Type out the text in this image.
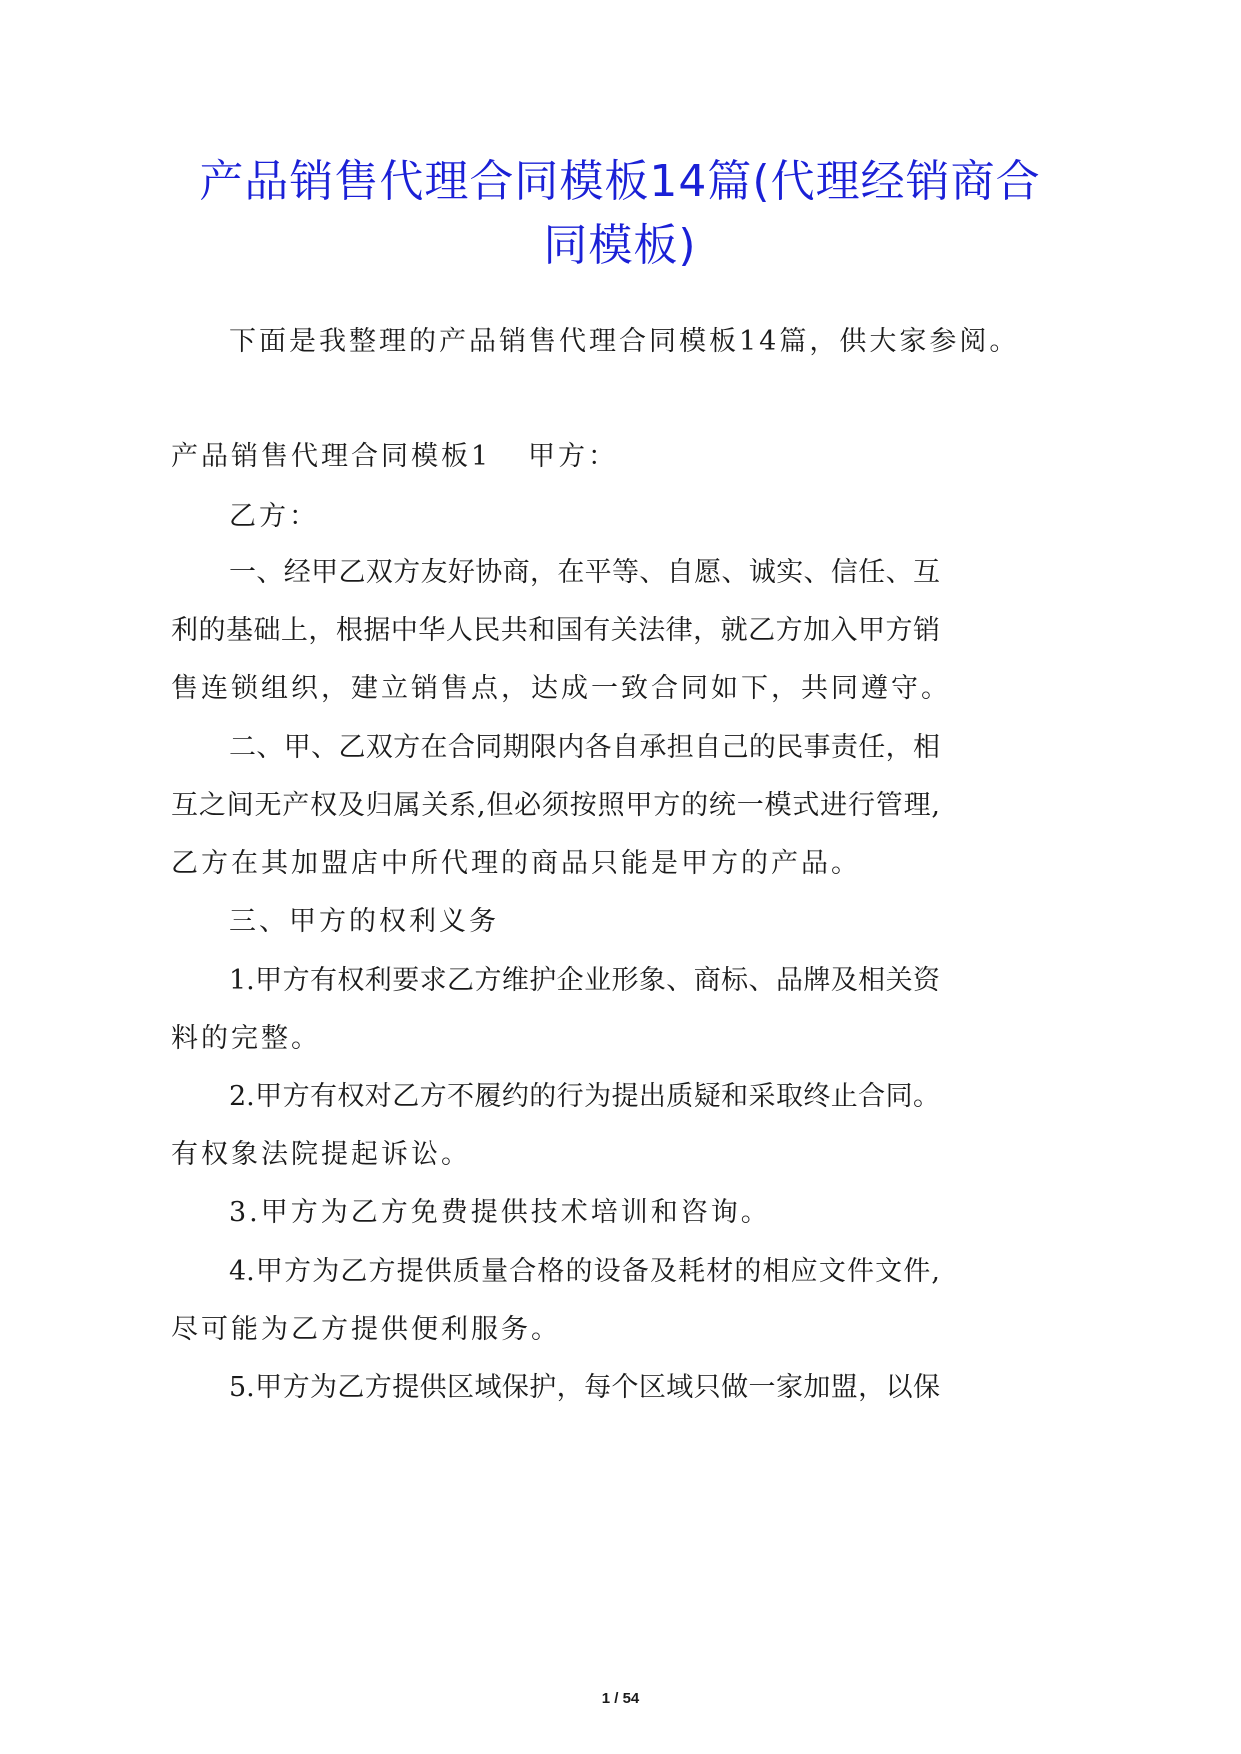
产品销售代理合同模板14篇(代理经销商合
同模板)
下面是我整理的产品销售代理合同模板14篇，供大家参阅。
产品销售代理合同模板1 甲方：
乙方：
一、经甲乙双方友好协商，在平等、自愿、诚实、信任、互
利的基础上，根据中华人民共和国有关法律，就乙方加入甲方销
售连锁组织，建立销售点，达成一致合同如下，共同遵守。
二、甲、乙双方在合同期限内各自承担自己的民事责任，相
互之间无产权及归属关系,但必须按照甲方的统一模式进行管理,
乙方在其加盟店中所代理的商品只能是甲方的产品。
三、甲方的权利义务
1.甲方有权利要求乙方维护企业形象、商标、品牌及相关资
料的完整。
2.甲方有权对乙方不履约的行为提出质疑和采取终止合同。
有权象法院提起诉讼。
3.甲方为乙方免费提供技术培训和咨询。
4.甲方为乙方提供质量合格的设备及耗材的相应文件文件,
尽可能为乙方提供便利服务。
5.甲方为乙方提供区域保护，每个区域只做一家加盟，以保
1 / 54
